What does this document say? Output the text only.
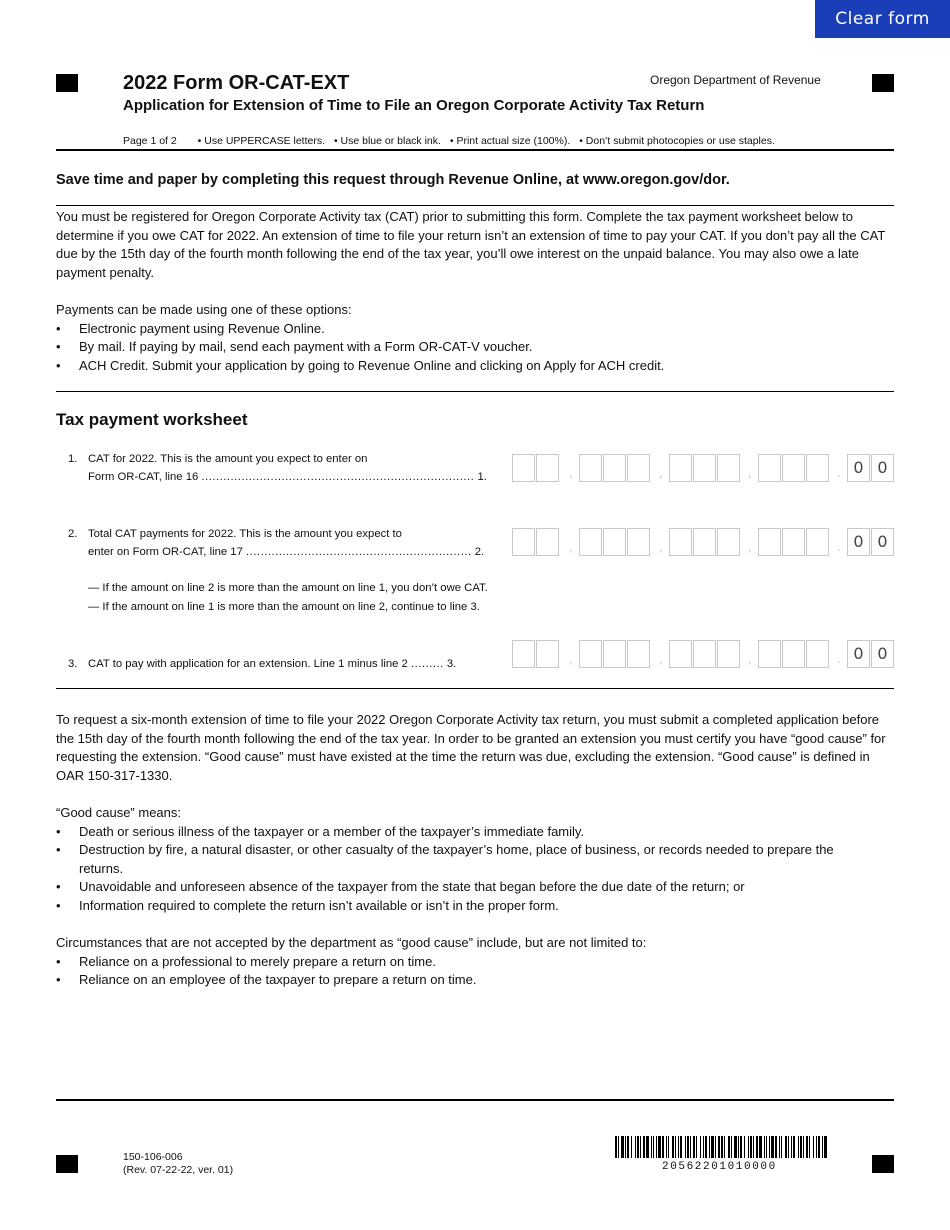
Clear form
2022 Form OR-CAT-EXT
Application for Extension of Time to File an Oregon Corporate Activity Tax Return
Oregon Department of Revenue
Page 1 of 2 • Use UPPERCASE letters. • Use blue or black ink. • Print actual size (100%). • Don’t submit photocopies or use staples.
Save time and paper by completing this request through Revenue Online, at www.oregon.gov/dor.

You must be registered for Oregon Corporate Activity tax (CAT) prior to submitting this form. Complete the tax payment worksheet below to determine if you owe CAT for 2022. An extension of time to file your return isn’t an extension of time to pay your CAT. If you don’t pay all the CAT due by the 15th day of the fourth month following the end of the tax year, you’ll owe interest on the unpaid balance. You may also owe a late payment penalty.

Payments can be made using one of these options:

• Electronic payment using Revenue Online.
• By mail. If paying by mail, send each payment with a Form OR-CAT-V voucher.
• ACH Credit. Submit your application by going to Revenue Online and clicking on Apply for ACH credit.
Tax payment worksheet
1. CAT for 2022. This is the amount you expect to enter on
Form OR-CAT, line 16 ........................................................................... 1.	,	,	,	. 0 0
2. Total CAT payments for 2022. This is the amount you expect to
enter on Form OR-CAT, line 17 .............................................................. 2.	,	,	,	. 0 0
— If the amount on line 2 is more than the amount on line 1, you don’t owe CAT.
— If the amount on line 1 is more than the amount on line 2, continue to line 3.
3. CAT to pay with application for an extension. Line 1 minus line 2 ......... 3.	,	,	,	. 0 0

To request a six-month extension of time to file your 2022 Oregon Corporate Activity tax return, you must submit a completed application before the 15th day of the fourth month following the end of the tax year. In order to be granted an extension you must certify you have “good cause” for requesting the extension. “Good cause” must have existed at the time the return was due, excluding the extension. “Good cause” is defined in OAR 150-317-1330.

“Good cause” means:

• Death or serious illness of the taxpayer or a member of the taxpayer’s immediate family.
• Destruction by fire, a natural disaster, or other casualty of the taxpayer’s home, place of business, or records needed to prepare the returns.
• Unavoidable and unforeseen absence of the taxpayer from the state that began before the due date of the return; or
• Information required to complete the return isn’t available or isn’t in the proper form.

Circumstances that are not accepted by the department as “good cause” include, but are not limited to:

• Reliance on a professional to merely prepare a return on time.
• Reliance on an employee of the taxpayer to prepare a return on time.
150-106-006
(Rev. 07-22-22, ver. 01)	20562201010000
